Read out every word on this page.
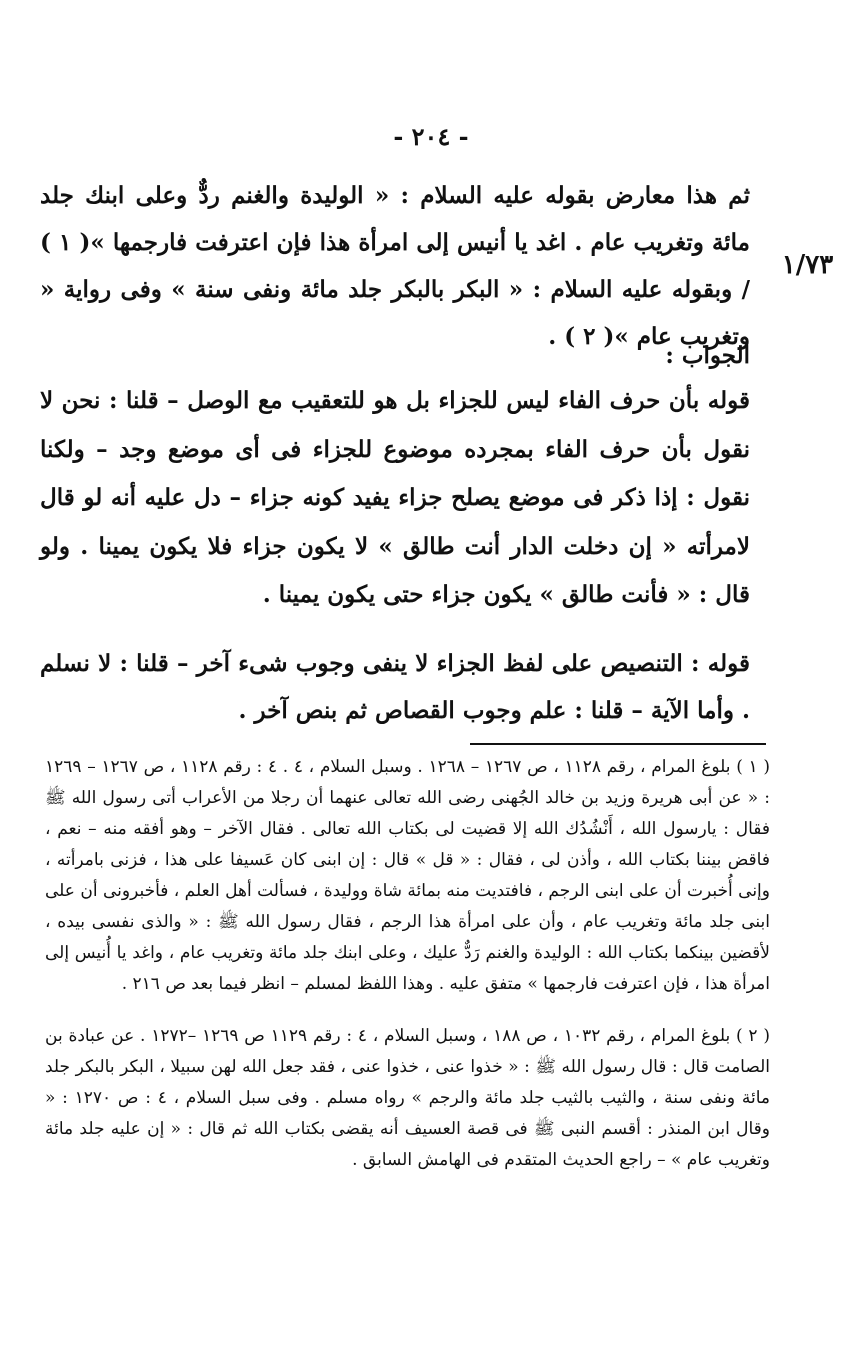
- ٢٠٤ -
١/٧٣

ثم هذا معارض بقوله عليه السلام : « الوليدة والغنم ردٌّ وعلى ابنك جلد مائة وتغريب عام . اغد يا أنيس إلى امرأة هذا فإن اعترفت فارجمها »( ١ ) / وبقوله عليه السلام : « البكر بالبكر جلد مائة ونفى سنة » وفى رواية « وتغريب عام »( ٢ ) .

الجواب :

قوله بأن حرف الفاء ليس للجزاء بل هو للتعقيب مع الوصل – قلنا : نحن لا نقول بأن حرف الفاء بمجرده موضوع للجزاء فى أى موضع وجد – ولكنا نقول : إذا ذكر فى موضع يصلح جزاء يفيد كونه جزاء – دل عليه أنه لو قال لامرأته « إن دخلت الدار أنت طالق » لا يكون جزاء فلا يكون يمينا . ولو قال : « فأنت طالق » يكون جزاء حتى يكون يمينا .

قوله : التنصيص على لفظ الجزاء لا ينفى وجوب شىء آخر – قلنا : لا نسلم . وأما الآية – قلنا : علم وجوب القصاص ثم بنص آخر .

( ١ ) بلوغ المرام ، رقم ١١٢٨ ، ص ١٢٦٧ – ١٢٦٨ . وسبل السلام ، ٤ . ٤ : رقم ١١٢٨ ، ص ١٢٦٧ – ١٢٦٩ : « عن أبى هريرة وزيد بن خالد الجُهنى رضى الله تعالى عنهما أن رجلا من الأعراب أتى رسول الله ﷺ فقال : يارسول الله ، أَنْشُدُك الله إلا قضيت لى بكتاب الله تعالى . فقال الآخر – وهو أفقه منه – نعم ، فاقض بيننا بكتاب الله ، وأذن لى ، فقال : « قل » قال : إن ابنى كان عَسيفا على هذا ، فزنى بامرأته ، وإنى أُخبرت أن على ابنى الرجم ، فافتديت منه بمائة شاة ووليدة ، فسألت أهل العلم ، فأخبرونى أن على ابنى جلد مائة وتغريب عام ، وأن على امرأة هذا الرجم ، فقال رسول الله ﷺ : « والذى نفسى بيده ، لأقضين بينكما بكتاب الله : الوليدة والغنم رَدٌّ عليك ، وعلى ابنك جلد مائة وتغريب عام ، واغد يا أُنيس إلى امرأة هذا ، فإن اعترفت فارجمها » متفق عليه . وهذا اللفظ لمسلم – انظر فيما بعد ص ٢١٦ .

( ٢ ) بلوغ المرام ، رقم ١٠٣٢ ، ص ١٨٨ ، وسبل السلام ، ٤ : رقم ١١٢٩ ص ١٢٦٩ –١٢٧٢ . عن عبادة بن الصامت قال : قال رسول الله ﷺ : « خذوا عنى ، خذوا عنى ، فقد جعل الله لهن سبيلا ، البكر بالبكر جلد مائة ونفى سنة ، والثيب بالثيب جلد مائة والرجم » رواه مسلم . وفى سبل السلام ، ٤ : ص ١٢٧٠ : « وقال ابن المنذر : أقسم النبى ﷺ فى قصة العسيف أنه يقضى بكتاب الله ثم قال : « إن عليه جلد مائة وتغريب عام » – راجع الحديث المتقدم فى الهامش السابق .
